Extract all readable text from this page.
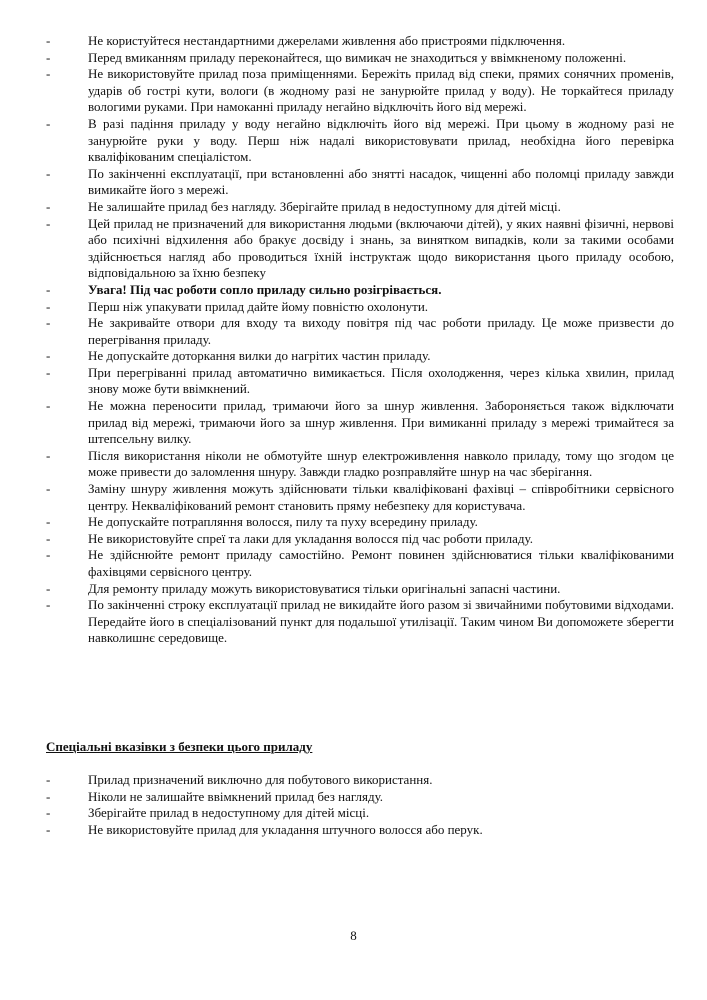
-	Не користуйтеся нестандартними джерелами живлення або пристроями підключення.
-	Перед вмиканням приладу переконайтеся, що вимикач не знаходиться у ввімкненому положенні.
-	Не використовуйте прилад поза приміщеннями. Бережіть прилад від спеки, прямих сонячних променів, ударів об гострі кути, вологи (в жодному разі не занурюйте прилад у воду). Не торкайтеся приладу вологими руками. При намоканні приладу негайно відключіть його від мережі.
-	В разі падіння приладу у воду негайно відключіть його від мережі. При цьому в жодному разі не занурюйте руки у воду. Перш ніж надалі використовувати прилад, необхідна його перевірка кваліфікованим спеціалістом.
-	По закінченні експлуатації, при встановленні або знятті насадок, чищенні або поломці приладу завжди вимикайте його з мережі.
-	Не залишайте прилад без нагляду. Зберігайте прилад в недоступному для дітей місці.
-	Цей прилад не призначений для використання людьми (включаючи дітей), у яких наявні фізичні, нервові або психічні відхилення або бракує досвіду і знань, за винятком випадків, коли за такими особами здійснюється нагляд або проводиться їхній інструктаж щодо використання цього приладу особою, відповідальною за їхню безпеку
-	Увага! Під час роботи сопло приладу сильно розігрівається.
-	Перш ніж упакувати прилад дайте йому повністю охолонути.
-	Не закривайте отвори для входу та виходу повітря під час роботи приладу. Це може призвести до перегрівання приладу.
-	Не допускайте доторкання вилки до нагрітих частин приладу.
-	При перегріванні прилад автоматично вимикається. Після охолодження, через кілька хвилин, прилад знову може бути ввімкнений.
-	Не можна переносити прилад, тримаючи його за шнур живлення. Забороняється також відключати прилад від мережі, тримаючи його за шнур живлення. При вимиканні приладу з мережі тримайтеся за штепсельну вилку.
-	Після використання ніколи не обмотуйте шнур електроживлення навколо приладу, тому що згодом це може привести до заломлення шнуру. Завжди гладко розправляйте шнур на час зберігання.
-	Заміну шнуру живлення можуть здійснювати тільки кваліфіковані фахівці – співробітники сервісного центру. Некваліфікований ремонт становить пряму небезпеку для користувача.
-	Не допускайте потрапляння волосся, пилу та пуху всередину приладу.
-	Не використовуйте спреї та лаки для укладання волосся під час роботи приладу.
-	Не здійснюйте ремонт приладу самостійно. Ремонт повинен здійснюватися тільки кваліфікованими фахівцями сервісного центру.
-	Для ремонту приладу можуть використовуватися тільки оригінальні запасні частини.
-	По закінченні строку експлуатації прилад не викидайте його разом зі звичайними побутовими відходами. Передайте його в спеціалізований пункт для подальшої утилізації. Таким чином Ви допоможете зберегти навколишнє середовище.
Спеціальні вказівки з безпеки цього приладу
-	Прилад призначений виключно для побутового використання.
-	Ніколи не залишайте ввімкнений прилад без нагляду.
-	Зберігайте прилад в недоступному для дітей місці.
-	Не використовуйте прилад для укладання штучного волосся або перук.
8
